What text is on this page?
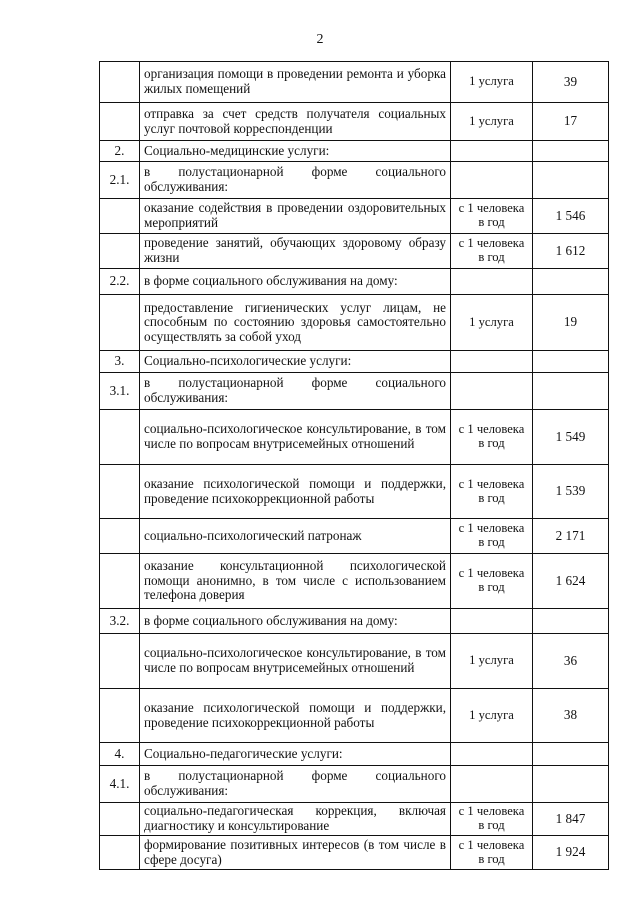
2
	организация помощи в проведении ремонта и уборка жилых помещений	1 услуга	39
	отправка за счет средств получателя социальных услуг почтовой корреспонденции	1 услуга	17
2.	Социально-медицинские услуги:		
2.1.	в полустационарной форме социального обслуживания:		
	оказание содействия в проведении оздоровительных мероприятий	с 1 человека в год	1 546
	проведение занятий, обучающих здоровому образу жизни	с 1 человека в год	1 612
2.2.	в форме социального обслуживания на дому:		
	предоставление гигиенических услуг лицам, не способным по состоянию здоровья самостоятельно осуществлять за собой уход	1 услуга	19
3.	Социально-психологические услуги:		
3.1.	в полустационарной форме социального обслуживания:		
	социально-психологическое консультирование, в том числе по вопросам внутрисемейных отношений	с 1 человека в год	1 549
	оказание психологической помощи и поддержки, проведение психокоррекционной работы	с 1 человека в год	1 539
	социально-психологический патронаж	с 1 человека в год	2 171
	оказание консультационной психологической помощи анонимно, в том числе с использованием телефона доверия	с 1 человека в год	1 624
3.2.	в форме социального обслуживания на дому:		
	социально-психологическое консультирование, в том числе по вопросам внутрисемейных отношений	1 услуга	36
	оказание психологической помощи и поддержки, проведение психокоррекционной работы	1 услуга	38
4.	Социально-педагогические услуги:		
4.1.	в полустационарной форме социального обслуживания:		
	социально-педагогическая коррекция, включая диагностику и консультирование	с 1 человека в год	1 847
	формирование позитивных интересов (в том числе в сфере досуга)	с 1 человека в год	1 924
